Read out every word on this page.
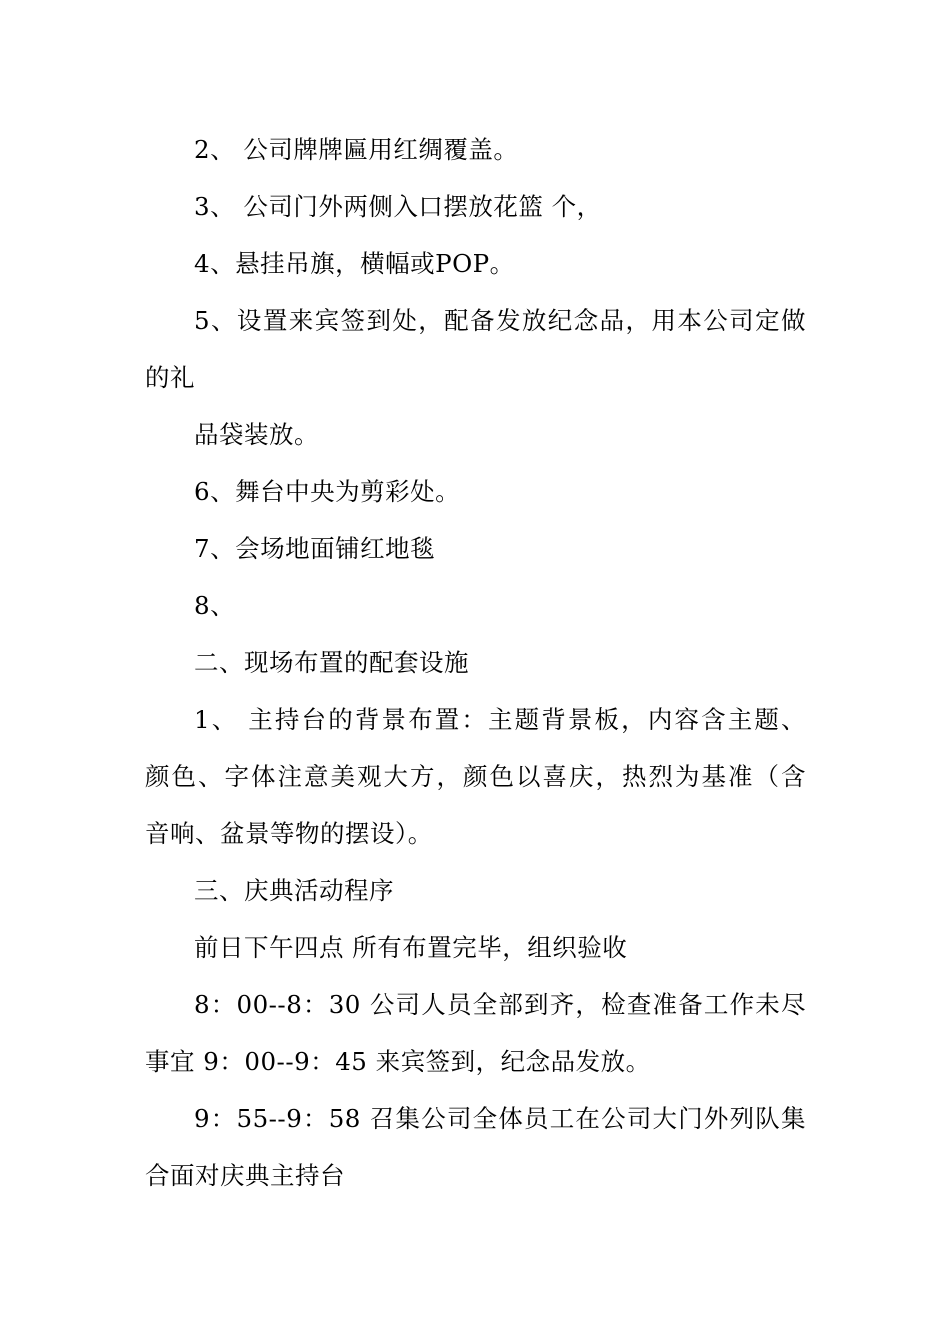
2、 公司牌牌匾用红绸覆盖。
3、 公司门外两侧入口摆放花篮 个，
4、悬挂吊旗，横幅或POP。
5、设置来宾签到处，配备发放纪念品，用本公司定做
的礼
品袋装放。
6、舞台中央为剪彩处。
7、会场地面铺红地毯
8、
二、现场布置的配套设施
1、 主持台的背景布置：主题背景板，内容含主题、
颜色、字体注意美观大方，颜色以喜庆，热烈为基准（含
音响、盆景等物的摆设）。
三、庆典活动程序
前日下午四点 所有布置完毕，组织验收
8：00--8：30 公司人员全部到齐，检查准备工作未尽
事宜 9：00--9：45 来宾签到，纪念品发放。
9：55--9：58 召集公司全体员工在公司大门外列队集
合面对庆典主持台
